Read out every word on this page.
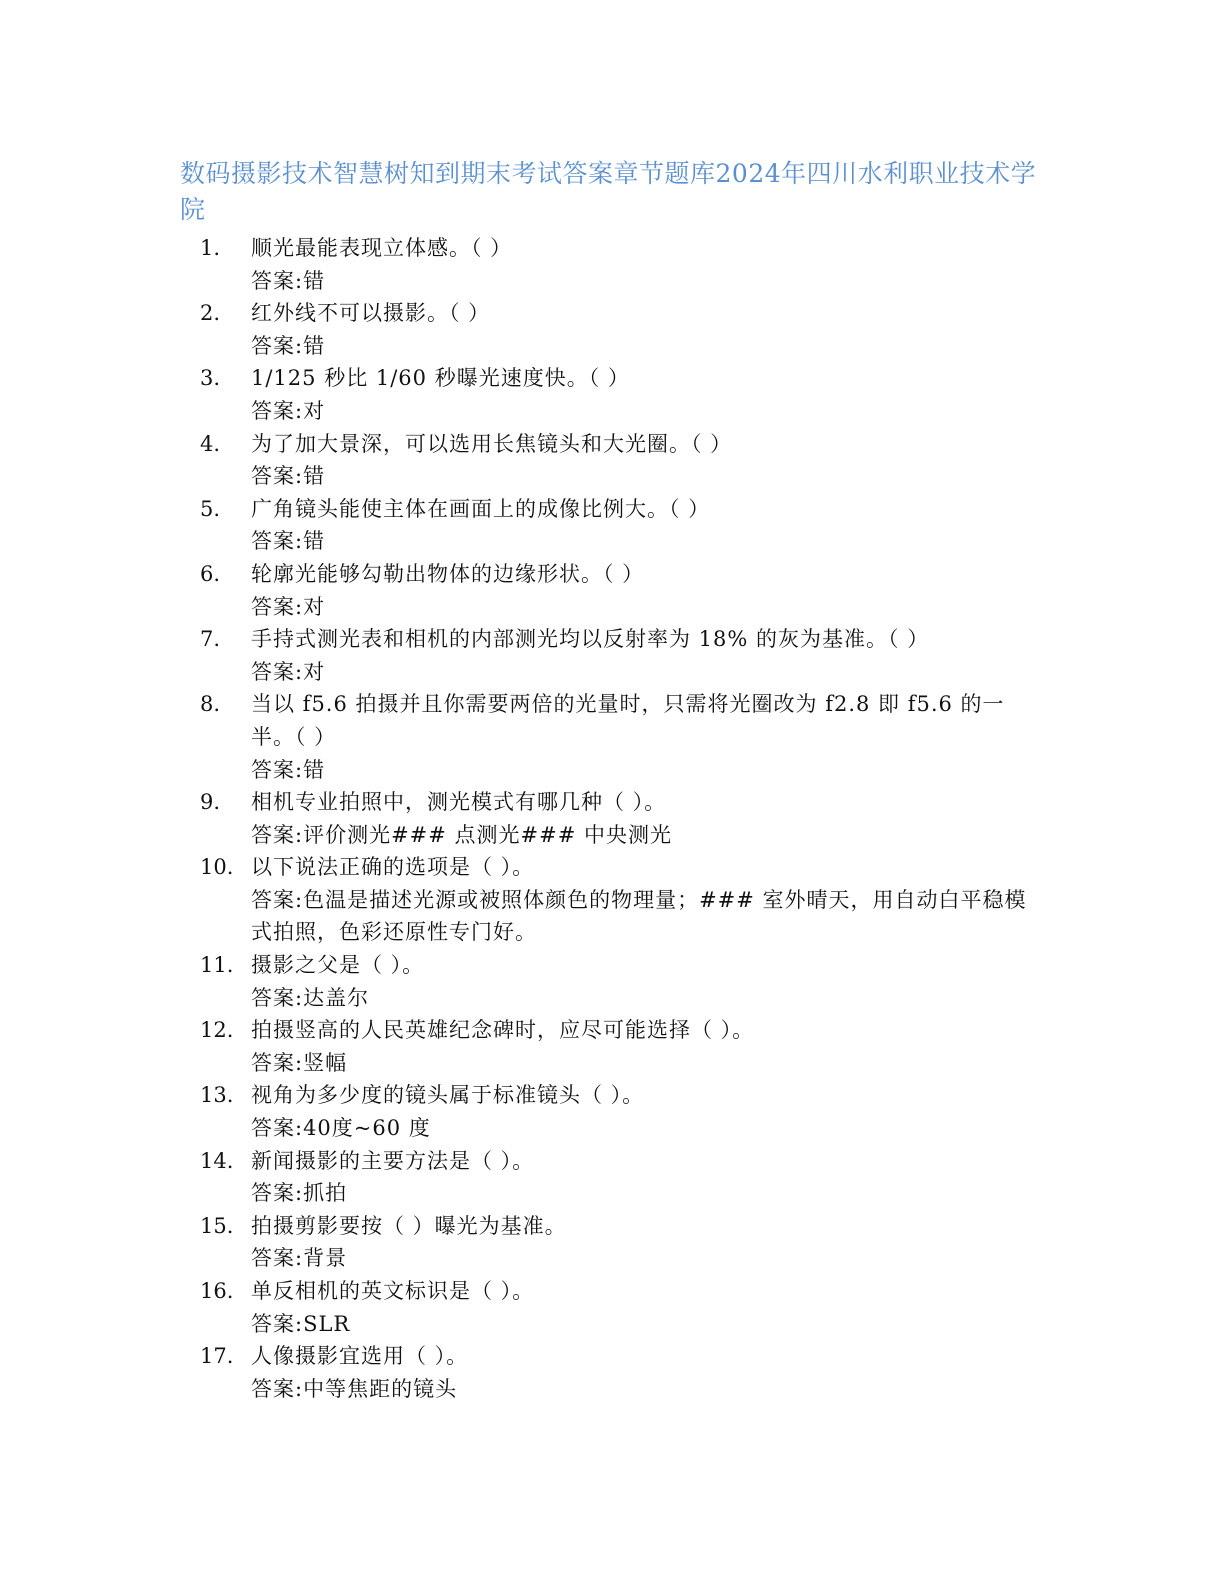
数码摄影技术智慧树知到期末考试答案章节题库2024年四川水利职业技术学院
1.	顺光最能表现立体感。（ ）
答案:错
2.	红外线不可以摄影。（ ）
答案:错
3.	1/125 秒比 1/60 秒曝光速度快。（ ）
答案:对
4.	为了加大景深，可以选用长焦镜头和大光圈。（ ）
答案:错
5.	广角镜头能使主体在画面上的成像比例大。（ ）
答案:错
6.	轮廓光能够勾勒出物体的边缘形状。（ ）
答案:对
7.	手持式测光表和相机的内部测光均以反射率为 18% 的灰为基准。（ ）
答案:对
8.	当以 f5.6 拍摄并且你需要两倍的光量时，只需将光圈改为 f2.8 即 f5.6 的一半。（ ）
答案:错
9.	相机专业拍照中，测光模式有哪几种（ ）。
答案:评价测光### 点测光### 中央测光
10. 以下说法正确的选项是（ ）。
答案:色温是描述光源或被照体颜色的物理量；### 室外晴天，用自动白平稳模式拍照，色彩还原性专门好。
11. 摄影之父是（ ）。
答案:达盖尔
12. 拍摄竖高的人民英雄纪念碑时，应尽可能选择（ ）。
答案:竖幅
13. 视角为多少度的镜头属于标准镜头（ ）。
答案:40度~60 度
14. 新闻摄影的主要方法是（ ）。
答案:抓拍
15. 拍摄剪影要按（ ）曝光为基准。
答案:背景
16. 单反相机的英文标识是（ ）。
答案:SLR
17. 人像摄影宜选用（ ）。
答案:中等焦距的镜头
